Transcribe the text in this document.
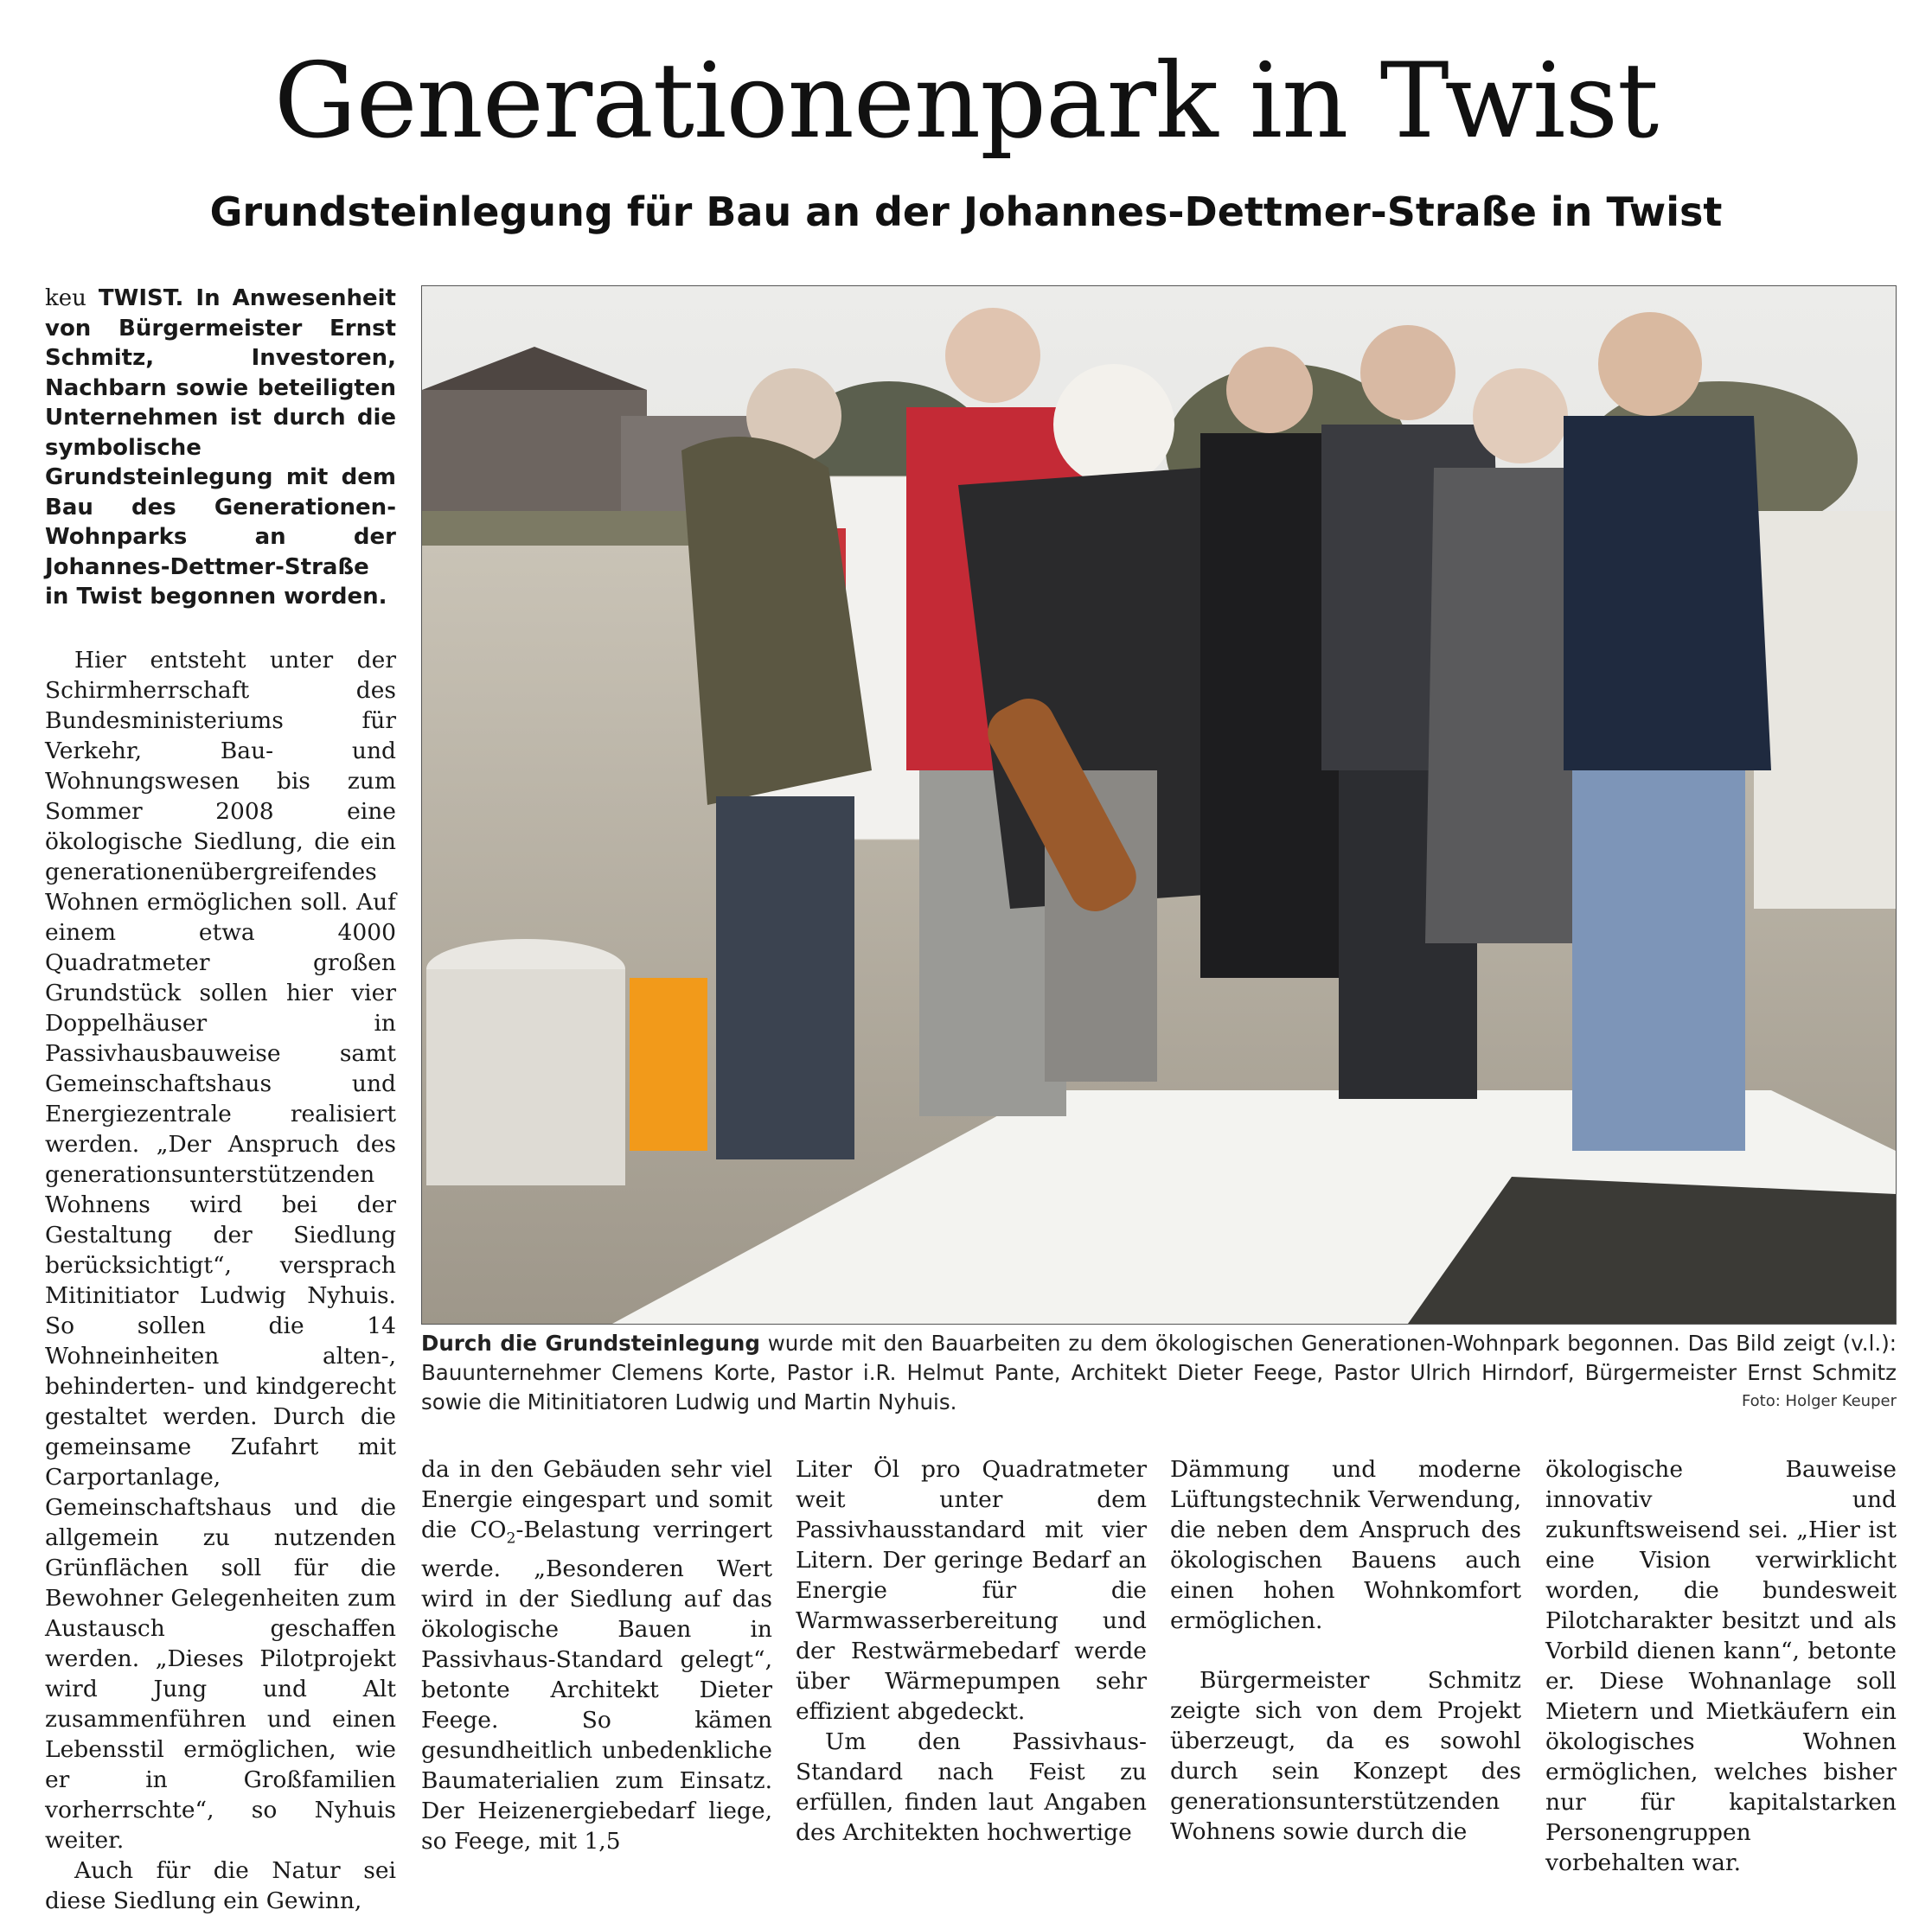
Generationenpark in Twist
Grundsteinlegung für Bau an der Johannes-Dettmer-Straße in Twist
keu TWIST. In Anwesenheit von Bürgermeister Ernst Schmitz, Investoren, Nachbarn sowie beteiligten Unternehmen ist durch die symbolische Grundsteinlegung mit dem Bau des Generationen-Wohnparks an der Johannes-Dettmer-Straße in Twist begonnen worden.

Hier entsteht unter der Schirmherrschaft des Bundesministeriums für Verkehr, Bau- und Wohnungswesen bis zum Sommer 2008 eine ökologische Siedlung, die ein generationenübergreifendes Wohnen ermöglichen soll. Auf einem etwa 4000 Quadratmeter großen Grundstück sollen hier vier Doppelhäuser in Passivhausbauweise samt Gemeinschaftshaus und Energiezentrale realisiert werden. „Der Anspruch des generationsunterstützenden Wohnens wird bei der Gestaltung der Siedlung berücksichtigt“, versprach Mitinitiator Ludwig Nyhuis. So sollen die 14 Wohneinheiten alten-, behinderten- und kindgerecht gestaltet werden. Durch die gemeinsame Zufahrt mit Carportanlage, Gemeinschaftshaus und die allgemein zu nutzenden Grünflächen soll für die Bewohner Gelegenheiten zum Austausch geschaffen werden. „Dieses Pilotprojekt wird Jung und Alt zusammenführen und einen Lebensstil ermöglichen, wie er in Großfamilien vorherrschte“, so Nyhuis weiter.

Auch für die Natur sei diese Siedlung ein Gewinn,

Durch die Grundsteinlegung wurde mit den Bauarbeiten zu dem ökologischen Generationen-Wohnpark begonnen. Das Bild zeigt (v.l.): Bauunternehmer Clemens Korte, Pastor i.R. Helmut Pante, Architekt Dieter Feege, Pastor Ulrich Hirndorf, Bürgermeister Ernst Schmitz sowie die Mitinitiatoren Ludwig und Martin Nyhuis.	Foto: Holger Keuper

da in den Gebäuden sehr viel Energie eingespart und somit die $CO_2$-Belastung verringert werde. „Besonderen Wert wird in der Siedlung auf das ökologische Bauen in Passivhaus-Standard gelegt“, betonte Architekt Dieter Feege. So kämen gesundheitlich unbedenkliche Baumaterialien zum Einsatz. Der Heizenergiebedarf liege, so Feege, mit 1,5

Liter Öl pro Quadratmeter weit unter dem Passivhausstandard mit vier Litern. Der geringe Bedarf an Energie für die Warmwasserbereitung und der Restwärmebedarf werde über Wärmepumpen sehr effizient abgedeckt.

Um den Passivhaus-Standard nach Feist zu erfüllen, finden laut Angaben des Architekten hochwertige

Dämmung und moderne Lüftungstechnik Verwendung, die neben dem Anspruch des ökologischen Bauens auch einen hohen Wohnkomfort ermöglichen.

Bürgermeister Schmitz zeigte sich von dem Projekt überzeugt, da es sowohl durch sein Konzept des generationsunterstützenden Wohnens sowie durch die

ökologische Bauweise innovativ und zukunftsweisend sei. „Hier ist eine Vision verwirklicht worden, die bundesweit Pilotcharakter besitzt und als Vorbild dienen kann“, betonte er. Diese Wohnanlage soll Mietern und Mietkäufern ein ökologisches Wohnen ermöglichen, welches bisher nur für kapitalstarken Personengruppen vorbehalten war.
